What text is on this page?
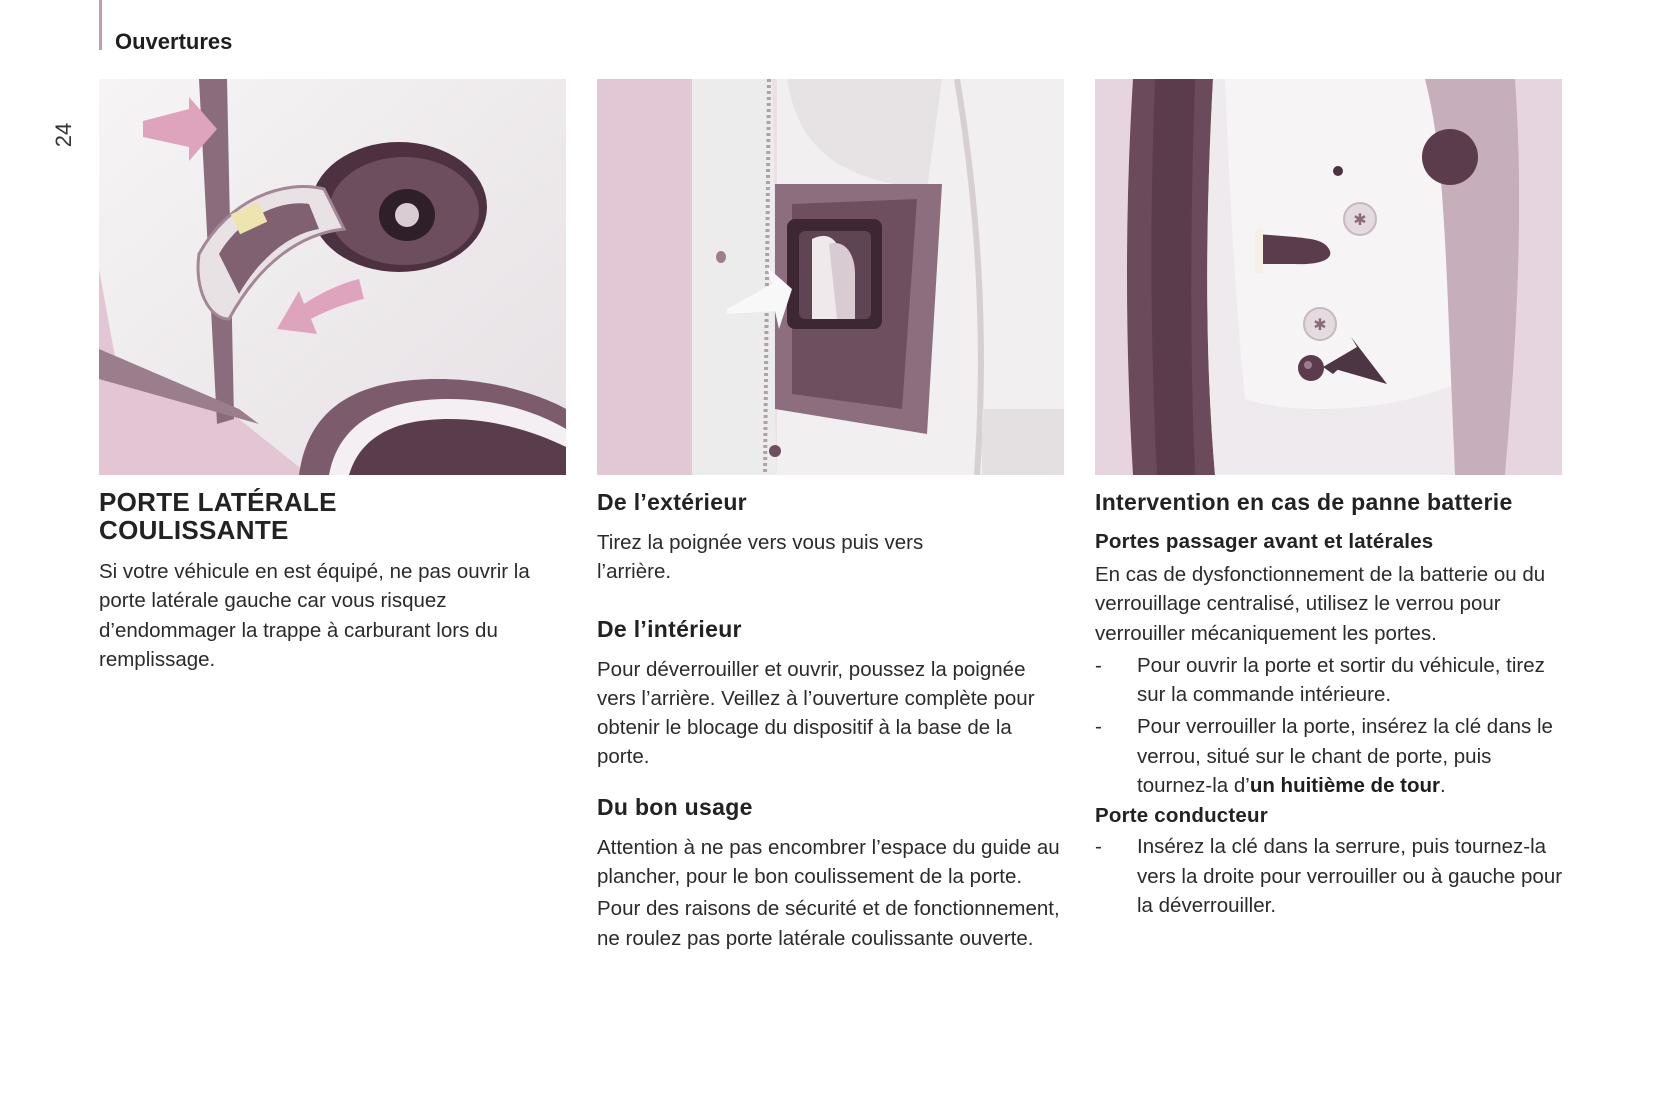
Ouvertures
24
✱
✱
PORTE LATÉRALE
COULISSANTE

Si votre véhicule en est équipé, ne pas ouvrir la porte latérale gauche car vous risquez d’endommager la trappe à carburant lors du remplissage.

De l’extérieur

Tirez la poignée vers vous puis vers l’arrière.

De l’intérieur

Pour déverrouiller et ouvrir, poussez la poignée vers l’arrière. Veillez à l’ouverture complète pour obtenir le blocage du dispositif à la base de la porte.

Du bon usage

Attention à ne pas encombrer l’espace du guide au plancher, pour le bon coulissement de la porte.

Pour des raisons de sécurité et de fonctionnement, ne roulez pas porte latérale coulissante ouverte.

Intervention en cas de panne batterie
Portes passager avant et latérales

En cas de dysfonctionnement de la batterie ou du verrouillage centralisé, utilisez le verrou pour verrouiller mécaniquement les portes.

- Pour ouvrir la porte et sortir du véhicule, tirez sur la commande intérieure.
- Pour verrouiller la porte, insérez la clé dans le verrou, situé sur le chant de porte, puis tournez-la d’un huitième de tour.
Porte conducteur
- Insérez la clé dans la serrure, puis tournez-la vers la droite pour verrouiller ou à gauche pour la déverrouiller.
